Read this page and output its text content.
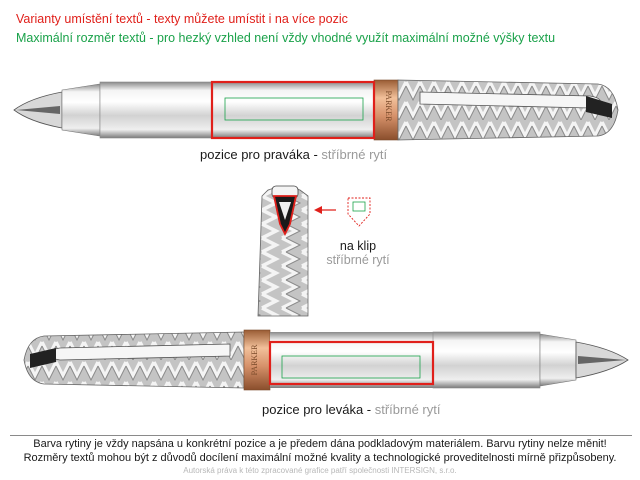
Varianty umístění textů - texty můžete umístit i na více pozic
Maximální rozměr textů - pro hezký vzhled není vždy vhodné využít maximální možné výšky textu
PARKER
PARKER
pozice pro praváka - stříbrné rytí
na klip
stříbrné rytí
pozice pro leváka - stříbrné rytí
Barva rytiny je vždy napsána u konkrétní pozice a je předem dána podkladovým materiálem. Barvu rytiny nelze měnit!
Rozměry textů mohou být z důvodů docílení maximální možné kvality a technologické proveditelnosti mírně přizpůsobeny.
Autorská práva k této zpracované grafice patří společnosti INTERSIGN, s.r.o.
